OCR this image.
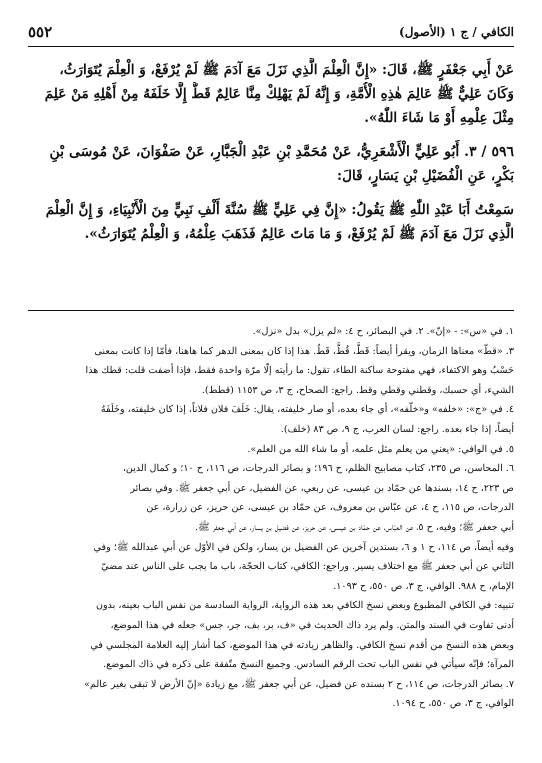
الكافي / ج ١ (الأصول)
٥٥٢
عَنْ أَبِي جَعْفَرٍ ﷺ، قَالَ: «إِنَّ الْعِلْمَ الَّذِي نَزَلَ مَعَ آدَمَ ﷺ لَمْ يُرْفَعْ، وَ الْعِلْمَ يُتَوَارَثُ،
وَكَانَ عَلِيٌّ ﷺ عَالِمَ هٰذِهِ الْأُمَّةِ، وَ إِنَّهُ لَمْ يَهْلِكْ مِنَّا عَالِمٌ قَطُّ إِلَّا خَلَفَهُ مِنْ أَهْلِهِ مَنْ عَلِمَ
مِثْلَ عِلْمِهِ أَوْ مَا شَاءَ اللّٰهُ».
٥٩٦ / ٣. أَبُو عَلِيٍّ الْأَشْعَرِيُّ، عَنْ مُحَمَّدِ بْنِ عَبْدِ الْجَبَّارِ، عَنْ صَفْوَانَ، عَنْ مُوسَى بْنِ
بَكْرٍ، عَنِ الْفُضَيْلِ بْنِ يَسَارٍ، قَالَ:
سَمِعْتُ أَبَا عَبْدِ اللّٰهِ ﷺ يَقُولُ: «إِنَّ فِي عَلِيٍّ ﷺ سُنَّةَ أَلْفِ نَبِيٍّ مِنَ الْأَنْبِيَاءِ، وَ إِنَّ الْعِلْمَ
الَّذِي نَزَلَ مَعَ آدَمَ ﷺ لَمْ يُرْفَعْ، وَ مَا مَاتَ عَالِمٌ فَذَهَبَ عِلْمُهُ، وَ الْعِلْمُ يُتَوَارَثُ».
١. في «س»: - «إنّ». ٢. في البصائر، ح ٤: «لم يزل» بدل «نزل».
٣. «قطّ» معناها الزمان، ويقرأ أيضاً: قَطُّ، قُطُّ، قَطُ. هذا إذا كان بمعنى الدهر كما هاهنا، فأمّا إذا كانت بمعنى
حَسْبُ وهو الاكتفاء، فهي مفتوحة ساكنة الطاء، تقول: ما رأيته إلّا مرّة واحدة فقط، فإذا أضفت قلت: قطك هذا
الشيء، أي حسبك، وقطني وقطي وقط. راجع: الصحاح، ج ٣، ص ١١٥٣ (قطط).
٤. في «ج»: «خلفه» و«خلّفه»، أي جاء بعده، أو صار خليفته، يقال: خَلَفَ فلان فلاناً، إذا كان خليفته، وخَلَفَهُ
أيضاً، إذا جاء بعده. راجع: لسان العرب، ج ٩، ص ٨٣ (خلف).
٥. في الوافي: «يعني من يعلم مثل علمه، أو ما شاء الله من العلم».
٦. المحاسن، ص ٢٣٥، كتاب مصابيح الظلم، ح ١٩٦؛ و بصائر الدرجات، ص ١١٦، ح ١٠؛ و كمال الدين،
ص ٢٢٣، ح ١٤، بسندها عن حمّاد بن عيسى، عن ربعي، عن الفضيل، عن أبي جعفر ﷺ. وفي بصائر
الدرجات، ص ١١٥، ح ٤، عن عبّاس بن معروف، عن حمّاد بن عيسى، عن حريز، عن زرارة، عن
أبي جعفر ﷺ؛ وفيه، ح ٥، عن العبّاس، عن حمّاد بن عيسى، عن حريز، عن فضيل بن يسار، عن أبي جعفر ﷺ.
وفيه أيضاً، ص ١١٤، ح ١ و ٦، بسندين آخرين عن الفضيل بن يسار، ولكن في الأوّل عن أبي عبدالله ﷺ؛ وفي
الثاني عن أبي جعفر ﷺ مع اختلاف يسير. وراجع: الكافي، كتاب الحجّة، باب ما يجب على الناس عند مضيّ
الإمام، ح ٩٨٨. الوافي، ج ٣، ص ٥٥٠، ح ١٠٩٣.
تنبيه: في الكافي المطبوع وبعض نسخ الكافي بعد هذه الرواية، الرواية السادسة من نفس الباب بعينه، بدون
أدنى تفاوت في السند والمتن. ولم يرد ذاك الحديث في «ف، بر، بف، جر، جس» جعله في هذا الموضع،
وبعض هذه النسخ من أقدم نسخ الكافي. والظاهر زيادته في هذا الموضع، كما أشار إليه العلامة المجلسي في
المرآة؛ فإنّه سيأتي في نفس الباب تحت الرقم السادس. وجميع النسخ متّفقة على ذكره في ذاك الموضع.
٧. بصائر الدرجات، ص ١١٤، ح ٢ بسنده عن فضيل، عن أبي جعفر ﷺ، مع زيادة «إنّ الأرض لا تبقى بغير عالم»
الوافي، ج ٣، ص ٥٥٠، ح ١٠٩٤.
